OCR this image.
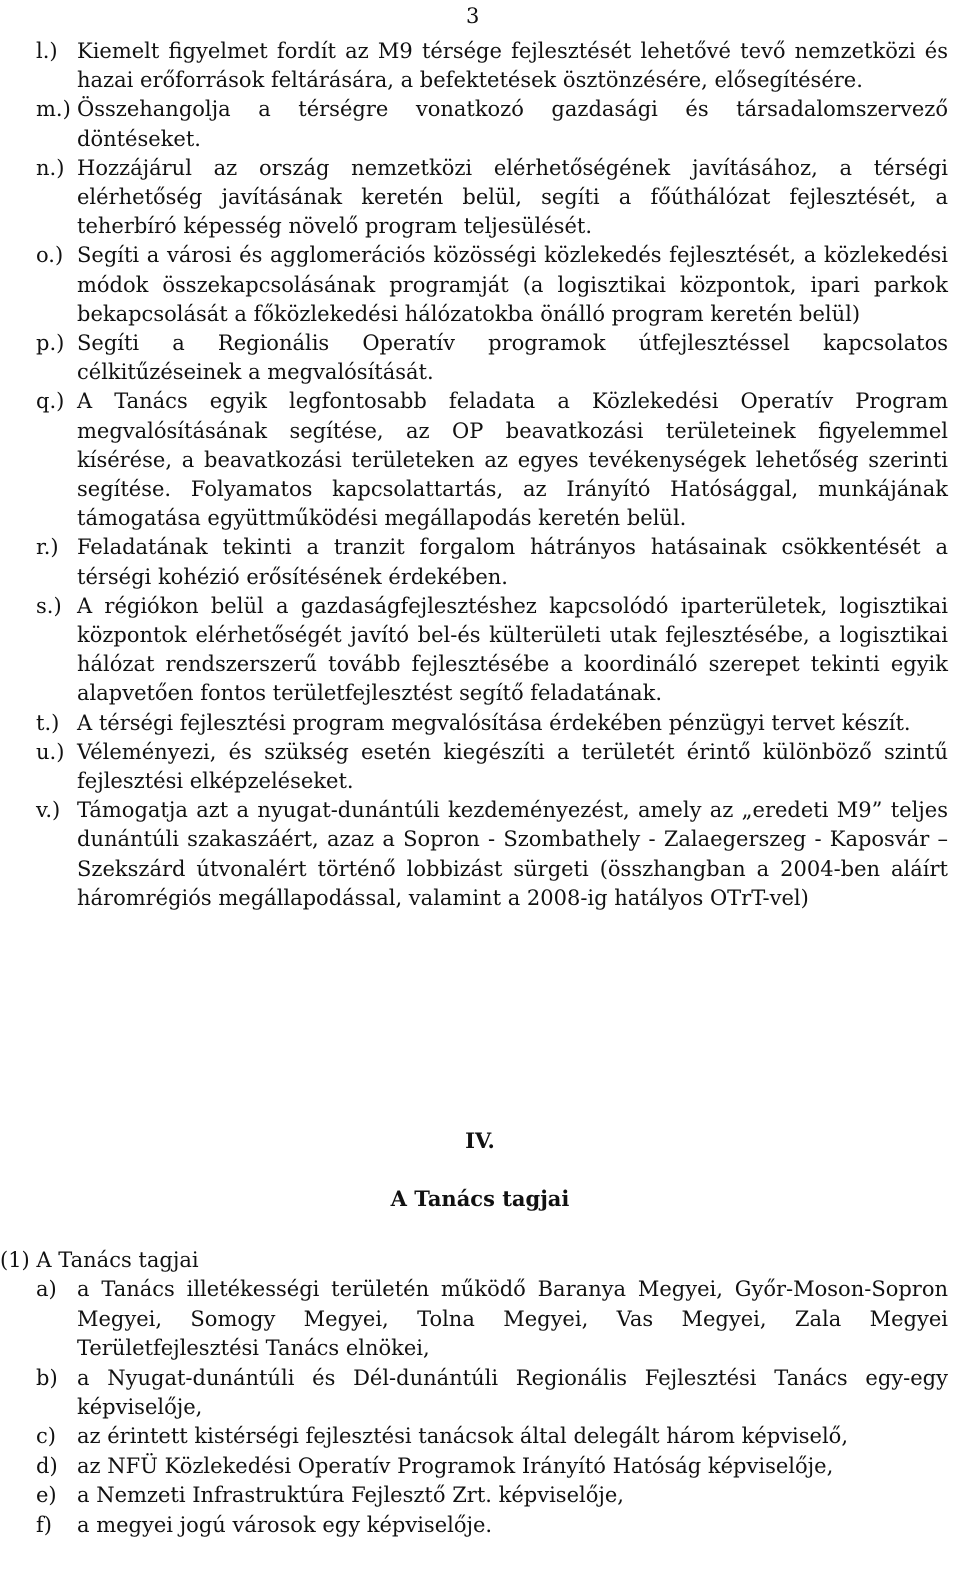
3
l.) Kiemelt figyelmet fordít az M9 térsége fejlesztését lehetővé tevő nemzetközi és hazai erőforrások feltárására, a befektetések ösztönzésére, elősegítésére.
m.) Összehangolja a térségre vonatkozó gazdasági és társadalomszervező döntéseket.
n.) Hozzájárul az ország nemzetközi elérhetőségének javításához, a térségi elérhetőség javításának keretén belül, segíti a főúthálózat fejlesztését, a teherbíró képesség növelő program teljesülését.
o.) Segíti a városi és agglomerációs közösségi közlekedés fejlesztését, a közlekedési módok összekapcsolásának programját (a logisztikai központok, ipari parkok bekapcsolását a főközlekedési hálózatokba önálló program keretén belül)
p.) Segíti a Regionális Operatív programok útfejlesztéssel kapcsolatos célkitűzéseinek a megvalósítását.
q.) A Tanács egyik legfontosabb feladata a Közlekedési Operatív Program megvalósításának segítése, az OP beavatkozási területeinek figyelemmel kísérése, a beavatkozási területeken az egyes tevékenységek lehetőség szerinti segítése. Folyamatos kapcsolattartás, az Irányító Hatósággal, munkájának támogatása együttműködési megállapodás keretén belül.
r.) Feladatának tekinti a tranzit forgalom hátrányos hatásainak csökkentését a térségi kohézió erősítésének érdekében.
s.) A régiókon belül a gazdaságfejlesztéshez kapcsolódó iparterületek, logisztikai központok elérhetőségét javító bel-és külterületi utak fejlesztésébe, a logisztikai hálózat rendszerszerű tovább fejlesztésébe a koordináló szerepet tekinti egyik alapvetően fontos területfejlesztést segítő feladatának.
t.) A térségi fejlesztési program megvalósítása érdekében pénzügyi tervet készít.
u.) Véleményezi, és szükség esetén kiegészíti a területét érintő különböző szintű fejlesztési elképzeléseket.
v.) Támogatja azt a nyugat-dunántúli kezdeményezést, amely az „eredeti M9” teljes dunántúli szakaszáért, azaz a Sopron - Szombathely - Zalaegerszeg - Kaposvár – Szekszárd útvonalért történő lobbizást sürgeti (összhangban a 2004-ben aláírt háromrégiós megállapodással, valamint a 2008-ig hatályos OTrT-vel)
IV.
A Tanács tagjai

(1) A Tanács tagjai

a) a Tanács illetékességi területén működő Baranya Megyei, Győr-Moson-Sopron Megyei, Somogy Megyei, Tolna Megyei, Vas Megyei, Zala Megyei Területfejlesztési Tanács elnökei,
b) a Nyugat-dunántúli és Dél-dunántúli Regionális Fejlesztési Tanács egy-egy képviselője,
c)	az érintett kistérségi fejlesztési tanácsok által delegált három képviselő,
d) az NFÜ Közlekedési Operatív Programok Irányító Hatóság képviselője,
e) a Nemzeti Infrastruktúra Fejlesztő Zrt. képviselője,
f)	a megyei jogú városok egy képviselője.
